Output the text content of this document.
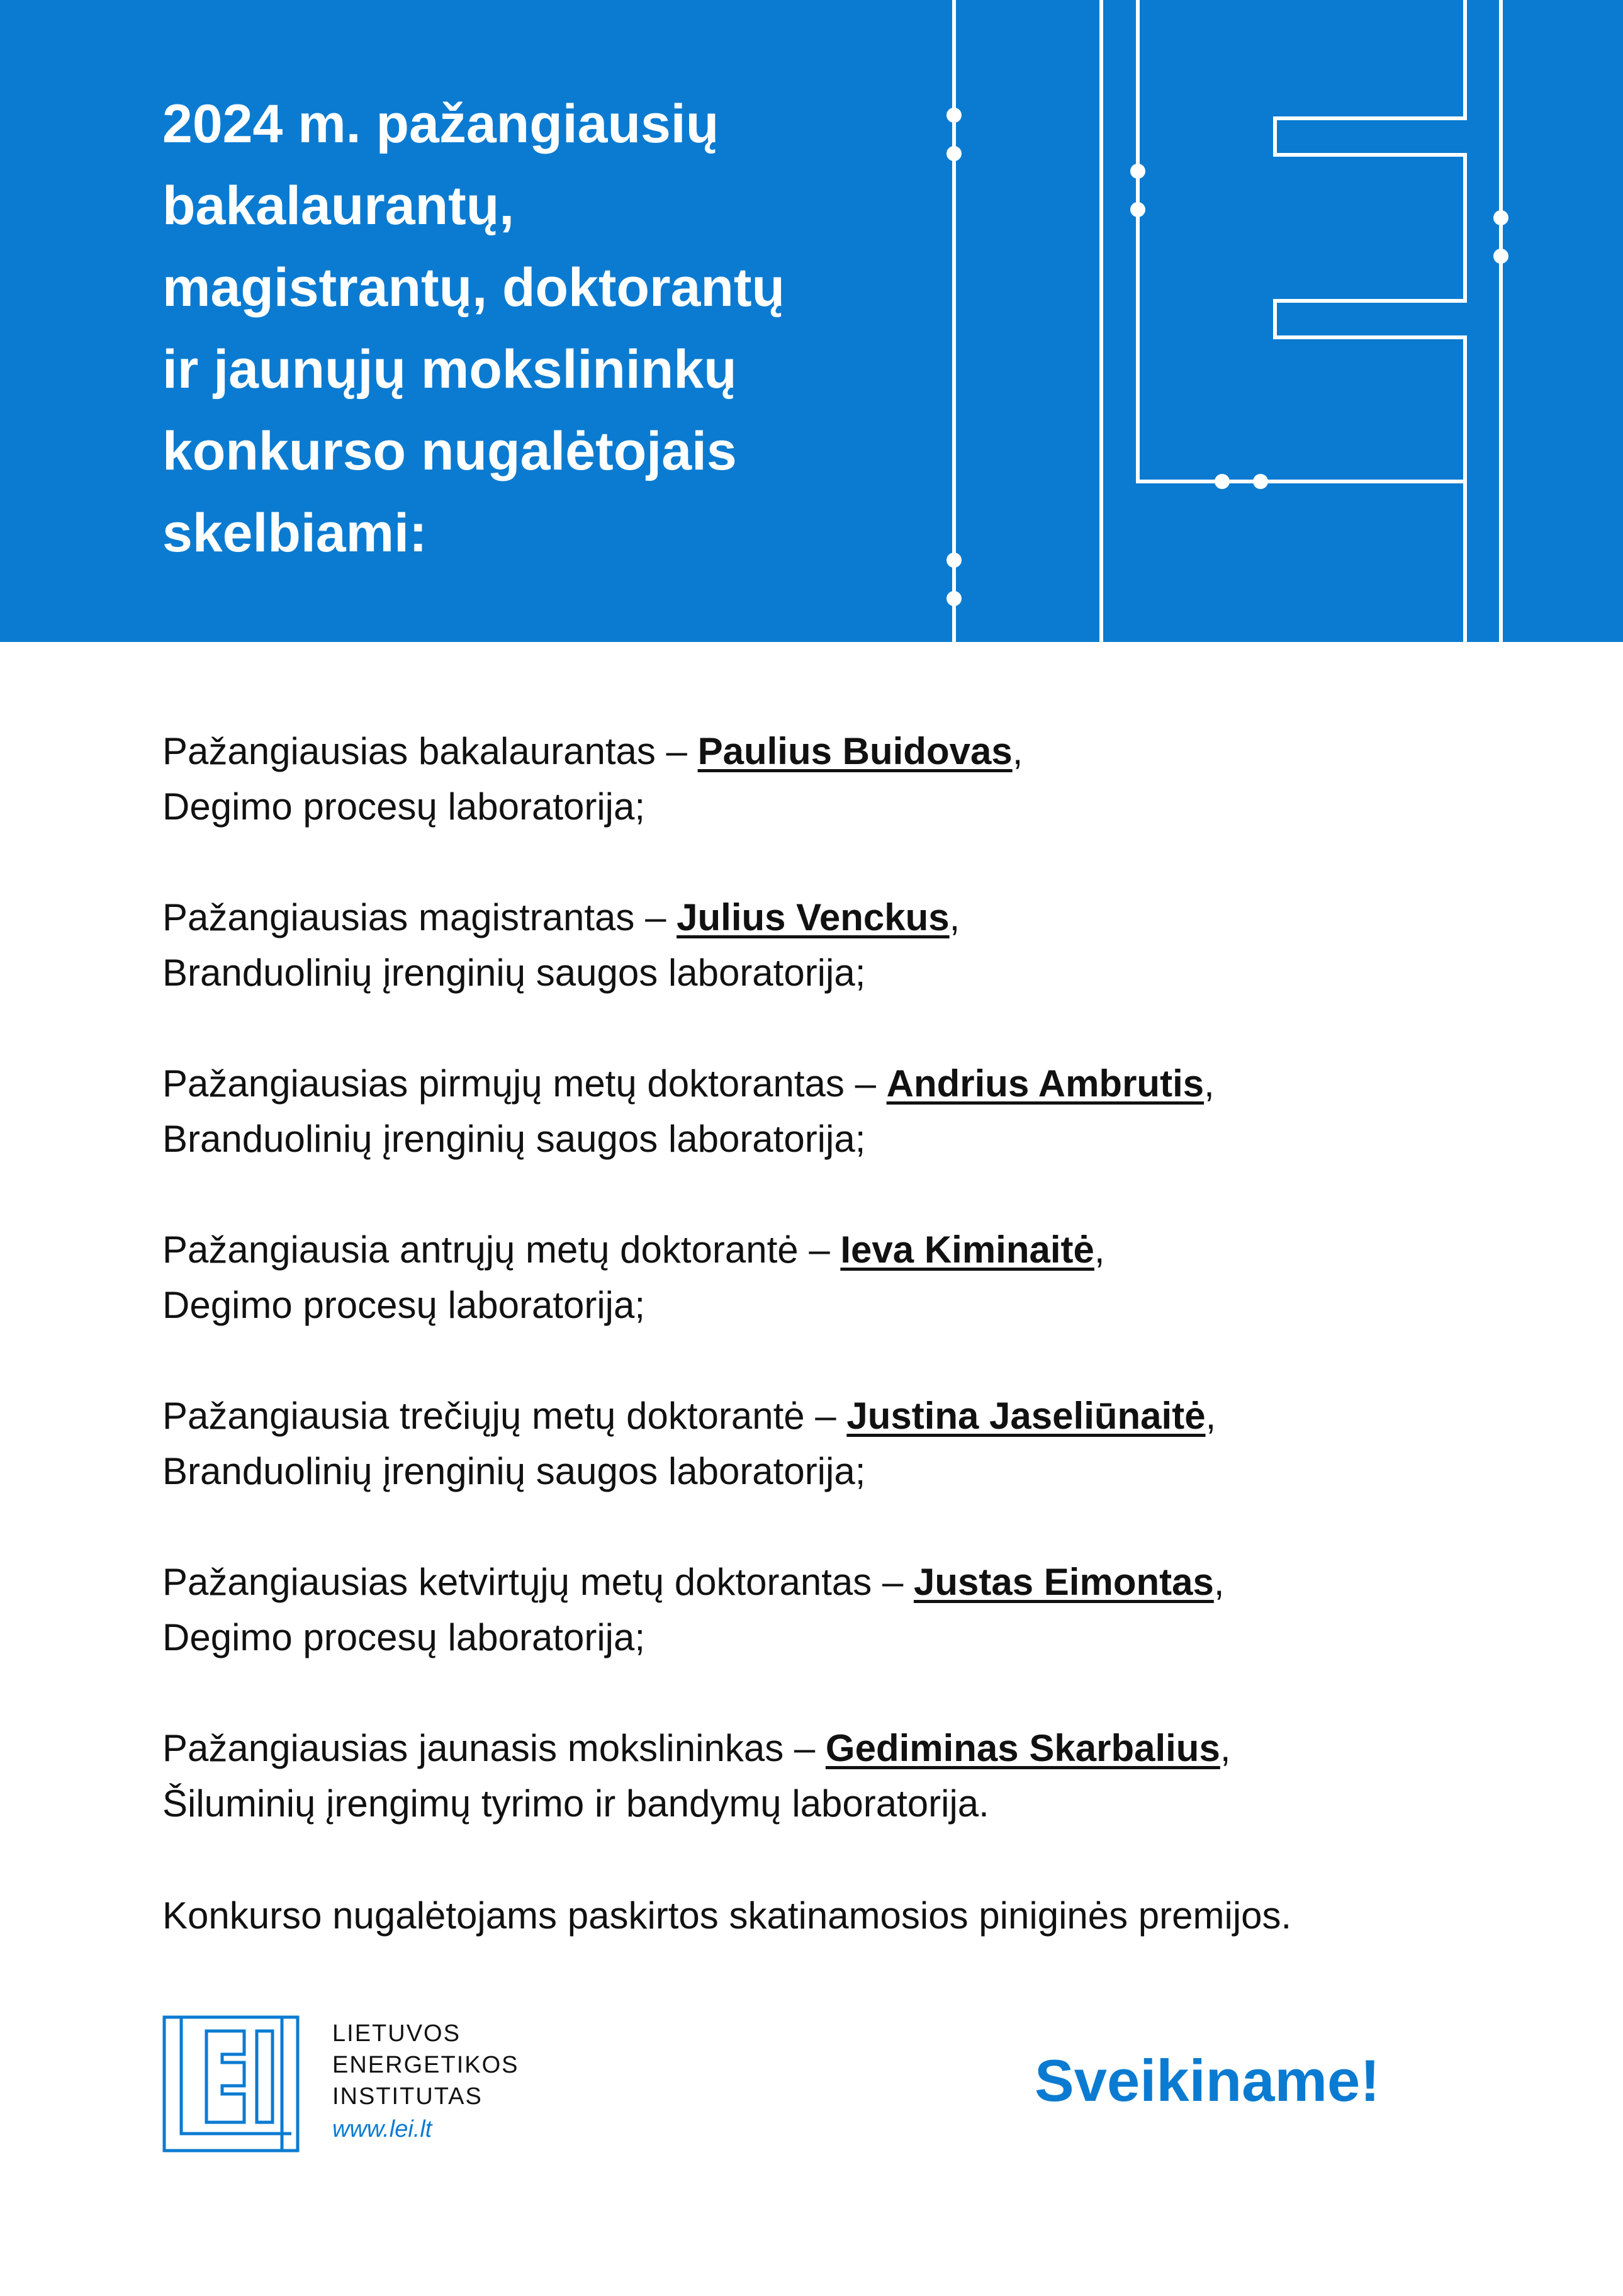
2024 m. pažangiausių
bakalaurantų,
magistrantų, doktorantų
ir jaunųjų mokslininkų
konkurso nugalėtojais
skelbiami:

Pažangiausias bakalaurantas – Paulius Buidovas,

Degimo procesų laboratorija;

Pažangiausias magistrantas – Julius Venckus,

Branduolinių įrenginių saugos laboratorija;

Pažangiausias pirmųjų metų doktorantas – Andrius Ambrutis,

Branduolinių įrenginių saugos laboratorija;

Pažangiausia antrųjų metų doktorantė – Ieva Kiminaitė,

Degimo procesų laboratorija;

Pažangiausia trečiųjų metų doktorantė – Justina Jaseliūnaitė,

Branduolinių įrenginių saugos laboratorija;

Pažangiausias ketvirtųjų metų doktorantas – Justas Eimontas,

Degimo procesų laboratorija;

Pažangiausias jaunasis mokslininkas – Gediminas Skarbalius,

Šiluminių įrengimų tyrimo ir bandymų laboratorija.

Konkurso nugalėtojams paskirtos skatinamosios piniginės premijos.

LIETUVOS
ENERGETIKOS
INSTITUTAS
www.lei.lt
Sveikiname!
